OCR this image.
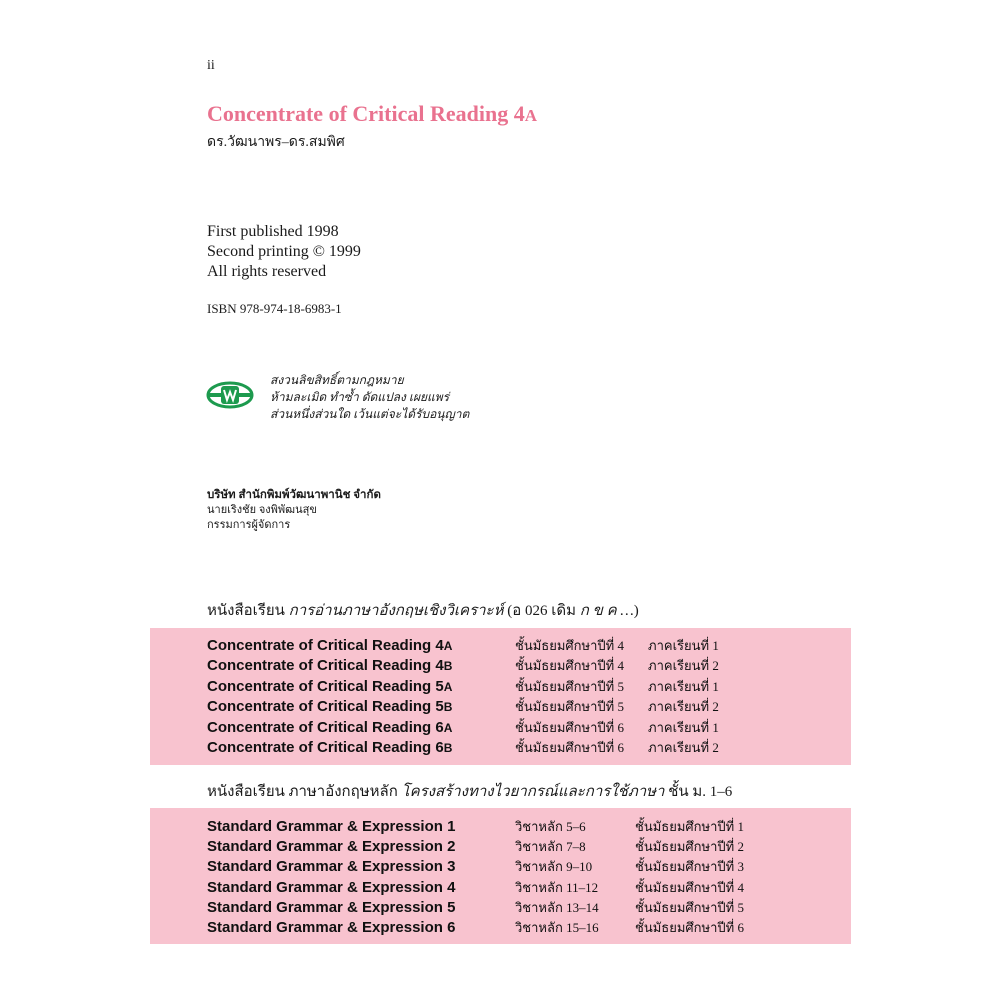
ii
Concentrate of Critical Reading 4A
ดร.วัฒนาพร–ดร.สมพิศ
First published 1998
Second printing © 1999
All rights reserved
ISBN 978-974-18-6983-1
สงวนลิขสิทธิ์ตามกฎหมาย
ห้ามละเมิด ทำซ้ำ ดัดแปลง เผยแพร่
ส่วนหนึ่งส่วนใด เว้นแต่จะได้รับอนุญาต
บริษัท สำนักพิมพ์วัฒนาพานิช จำกัด
นายเริงชัย จงพิพัฒนสุข
กรรมการผู้จัดการ
หนังสือเรียน การอ่านภาษาอังกฤษเชิงวิเคราะห์ (อ 026 เดิม ก ข ค …)
Concentrate of Critical Reading 4A	ชั้นมัธยมศึกษาปีที่ 4 ภาคเรียนที่ 1
Concentrate of Critical Reading 4B	ชั้นมัธยมศึกษาปีที่ 4 ภาคเรียนที่ 2
Concentrate of Critical Reading 5A	ชั้นมัธยมศึกษาปีที่ 5 ภาคเรียนที่ 1
Concentrate of Critical Reading 5B	ชั้นมัธยมศึกษาปีที่ 5 ภาคเรียนที่ 2
Concentrate of Critical Reading 6A	ชั้นมัธยมศึกษาปีที่ 6 ภาคเรียนที่ 1
Concentrate of Critical Reading 6B	ชั้นมัธยมศึกษาปีที่ 6 ภาคเรียนที่ 2
หนังสือเรียน ภาษาอังกฤษหลัก โครงสร้างทางไวยากรณ์และการใช้ภาษา ชั้น ม. 1–6
Standard Grammar & Expression 1	วิชาหลัก 5–6	ชั้นมัธยมศึกษาปีที่ 1
Standard Grammar & Expression 2	วิชาหลัก 7–8	ชั้นมัธยมศึกษาปีที่ 2
Standard Grammar & Expression 3	วิชาหลัก 9–10	ชั้นมัธยมศึกษาปีที่ 3
Standard Grammar & Expression 4	วิชาหลัก 11–12	ชั้นมัธยมศึกษาปีที่ 4
Standard Grammar & Expression 5	วิชาหลัก 13–14	ชั้นมัธยมศึกษาปีที่ 5
Standard Grammar & Expression 6	วิชาหลัก 15–16	ชั้นมัธยมศึกษาปีที่ 6
